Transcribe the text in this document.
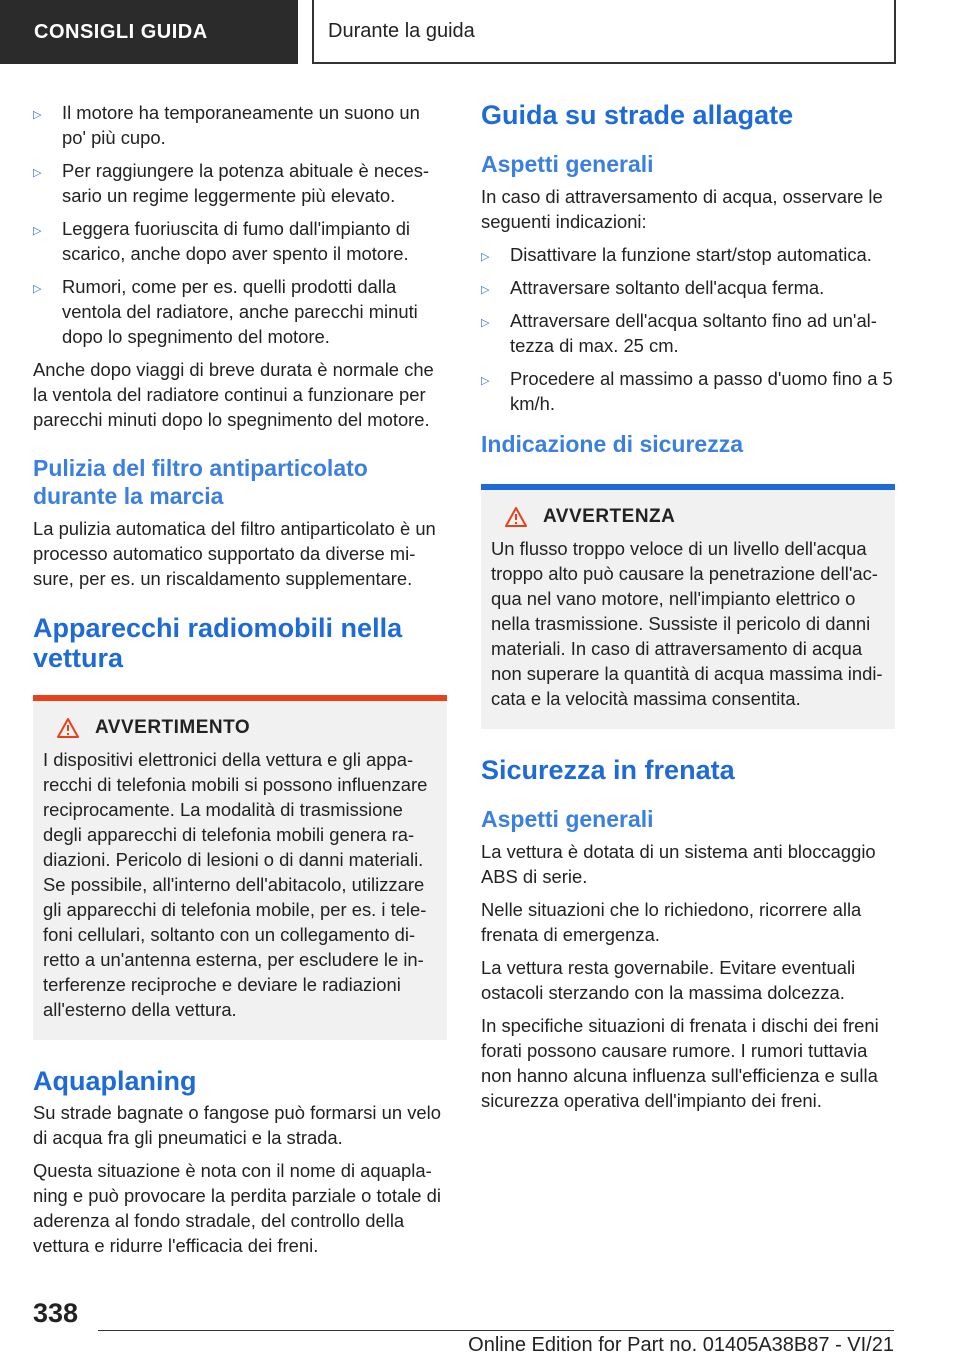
CONSIGLI GUIDA	Durante la guida
▷ Il motore ha temporaneamente un suono un po' più cupo.
▷ Per raggiungere la potenza abituale è necessario un regime leggermente più elevato.
▷ Leggera fuoriuscita di fumo dall'impianto di scarico, anche dopo aver spento il motore.
▷ Rumori, come per es. quelli prodotti dalla ventola del radiatore, anche parecchi minuti dopo lo spegnimento del motore.

Anche dopo viaggi di breve durata è normale che la ventola del radiatore continui a funzionare per parecchi minuti dopo lo spegnimento del motore.

Pulizia del filtro antiparticolato durante la marcia

La pulizia automatica del filtro antiparticolato è un processo automatico supportato da diverse misure, per es. un riscaldamento supplementare.

Apparecchi radiomobili nella vettura
AVVERTIMENTO

I dispositivi elettronici della vettura e gli apparecchi di telefonia mobili si possono influenzare reciprocamente. La modalità di trasmissione degli apparecchi di telefonia mobili genera radiazioni. Pericolo di lesioni o di danni materiali. Se possibile, all'interno dell'abitacolo, utilizzare gli apparecchi di telefonia mobile, per es. i telefoni cellulari, soltanto con un collegamento diretto a un'antenna esterna, per escludere le interferenze reciproche e deviare le radiazioni all'esterno della vettura.

Aquaplaning

Su strade bagnate o fangose può formarsi un velo di acqua fra gli pneumatici e la strada.

Questa situazione è nota con il nome di aquaplaning e può provocare la perdita parziale o totale di aderenza al fondo stradale, del controllo della vettura e ridurre l'efficacia dei freni.

Guida su strade allagate
Aspetti generali

In caso di attraversamento di acqua, osservare le seguenti indicazioni:

▷ Disattivare la funzione start/stop automatica.
▷ Attraversare soltanto dell'acqua ferma.
▷ Attraversare dell'acqua soltanto fino ad un'altezza di max. 25 cm.
▷ Procedere al massimo a passo d'uomo fino a 5 km/h.
Indicazione di sicurezza
AVVERTENZA

Un flusso troppo veloce di un livello dell'acqua troppo alto può causare la penetrazione dell'acqua nel vano motore, nell'impianto elettrico o nella trasmissione. Sussiste il pericolo di danni materiali. In caso di attraversamento di acqua non superare la quantità di acqua massima indicata e la velocità massima consentita.

Sicurezza in frenata
Aspetti generali

La vettura è dotata di un sistema anti bloccaggio ABS di serie.

Nelle situazioni che lo richiedono, ricorrere alla frenata di emergenza.

La vettura resta governabile. Evitare eventuali ostacoli sterzando con la massima dolcezza.

In specifiche situazioni di frenata i dischi dei freni forati possono causare rumore. I rumori tuttavia non hanno alcuna influenza sull'efficienza e sulla sicurezza operativa dell'impianto dei freni.

338
Online Edition for Part no. 01405A38B87 - VI/21
